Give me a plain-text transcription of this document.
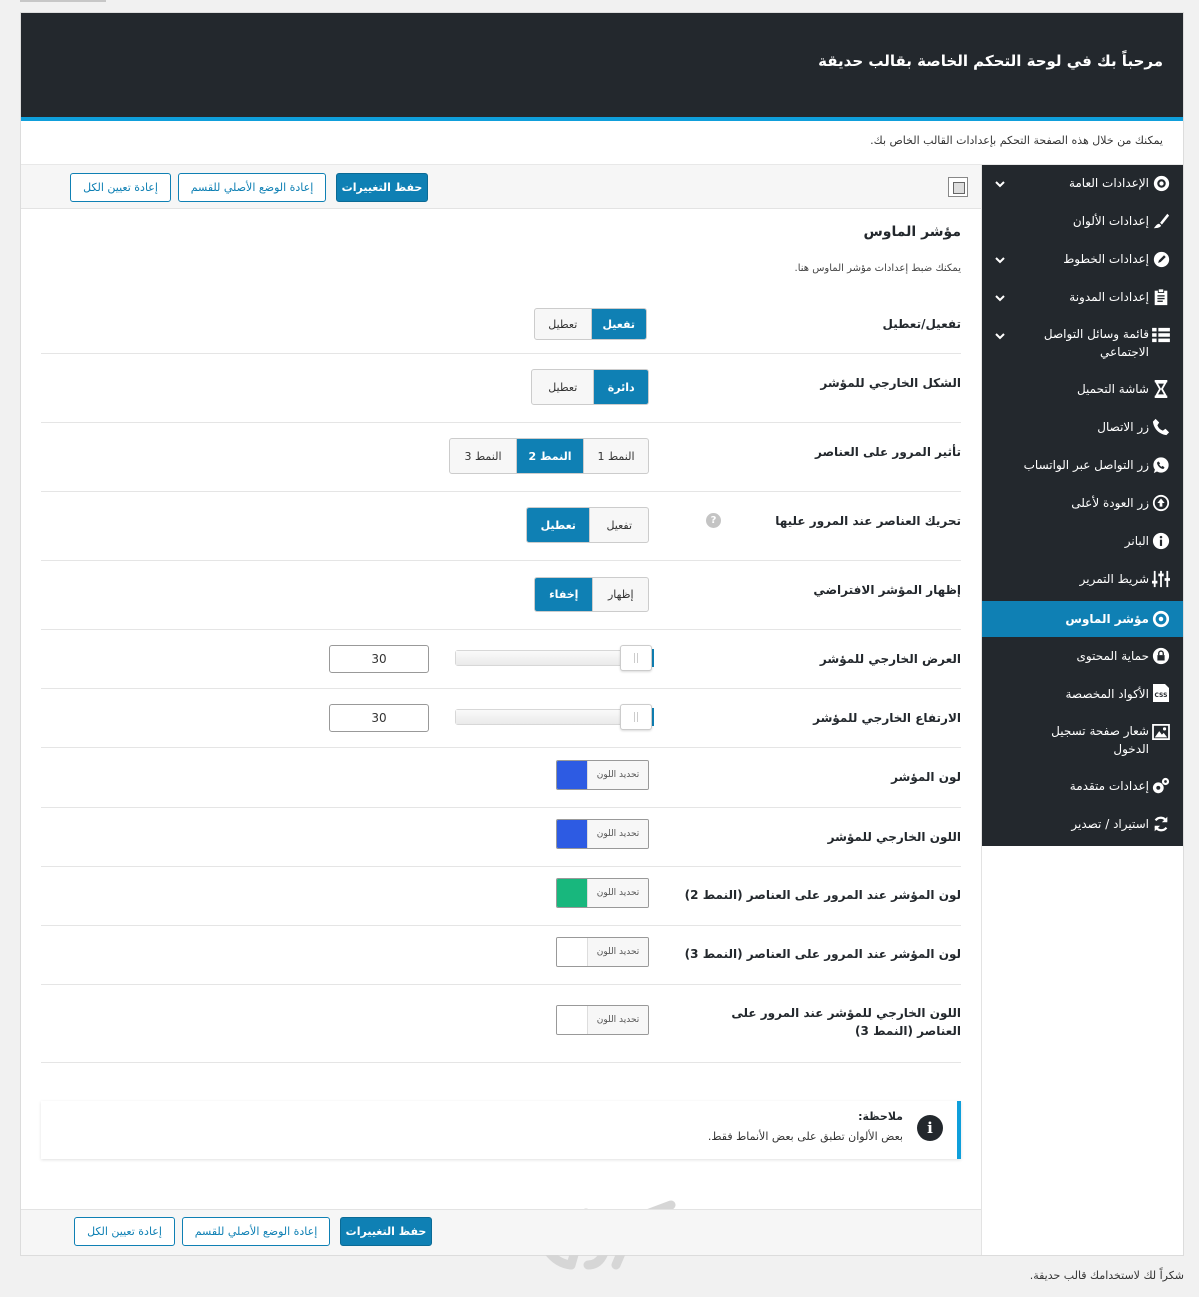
مرحباً بك في لوحة التحكم الخاصة بقالب حديقة
يمكنك من خلال هذه الصفحة التحكم بإعدادات القالب الخاص بك.
الإعدادات العامة
إعدادات الألوان
إعدادات الخطوط
إعدادات المدونة
قائمة وسائل التواصل الاجتماعي
شاشة التحميل
زر الاتصال
زر التواصل عبر الواتساب
زر العودة لأعلى
البانر
شريط التمرير
مؤشر الماوس
حماية المحتوى
CSS
الأكواد المخصصة
شعار صفحة تسجيل الدخول
إعدادات متقدمة
استيراد / تصدير
حفظ التغييرات
إعادة الوضع الأصلي للقسم
إعادة تعيين الكل
مؤشر الماوس
يمكنك ضبط إعدادات مؤشر الماوس هنا.
تفعيل/تعطيل
تعطيل	تفعيل
الشكل الخارجي للمؤشر
تعطيل	دائرة
تأثير المرور على العناصر
النمط 3	النمط 2	النمط 1
تحريك العناصر عند المرور عليها
?
تعطيل	تفعيل
إظهار المؤشر الافتراضي
إخفاء	إظهار
العرض الخارجي للمؤشر
30
الارتفاع الخارجي للمؤشر
30
لون المؤشر
تحديد اللون
اللون الخارجي للمؤشر
تحديد اللون
لون المؤشر عند المرور على العناصر (النمط 2)
تحديد اللون
لون المؤشر عند المرور على العناصر (النمط 3)
تحديد اللون
اللون الخارجي للمؤشر عند المرور على العناصر (النمط 3)
تحديد اللون
i
ملاحظة:
بعض الألوان تطبق على بعض الأنماط فقط.
حفظ التغييرات
إعادة الوضع الأصلي للقسم
إعادة تعيين الكل
شكراً لك لاستخدامك قالب حديقة.
